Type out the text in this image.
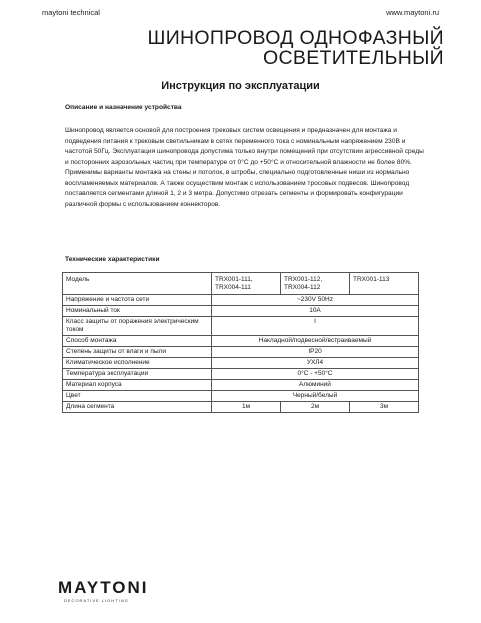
maytoni technical	www.maytoni.ru
ШИНОПРОВОД ОДНОФАЗНЫЙ ОСВЕТИТЕЛЬНЫЙ
Инструкция по эксплуатации
Описание и назначение устройства
Шинопровод является основой для построения трековых систем освещения и предназначен для монтажа и подведения питания к трековым светильникам в сетях переменного тока с номинальным напряжением 230В и частотой 50Гц. Эксплуатация шинопровода допустима только внутри помещений при отсутствии агрессивной среды и посторонних аэрозольных частиц при температуре от 0°С до +50°С и относительной влажности не более 80%. Применимы варианты монтажа на стены и потолок, в штробы, специально подготовленные ниши из нормально воспламеняемых материалов. А также осуществим монтаж с использованием тросовых подвесов. Шинопровод поставляется сегментами длиной 1, 2 и 3 метра. Допустимо отрезать сегменты и формировать конфигурации различной формы с использованием коннекторов.
Технические характеристики
Модель	TRX001-111, TRX004-111	TRX001-112, TRX004-112	TRX001-113
Напряжение и частота сети	~230V 50Hz		
Номинальный ток	10А		
Класс защиты от поражения электрическим током	I		
Способ монтажа	Накладной/подвесной/встраиваемый		
Степень защиты от влаги и пыли	IP20		
Климатическое исполнение	УХЛ4		
Температура эксплуатации	0°C - +50°C		
Материал корпуса	Алюминий		
Цвет	Черный/белый		
Длина сегмента	1м	2м	3м
MAYTONI
DECORATIVE LIGHTING
